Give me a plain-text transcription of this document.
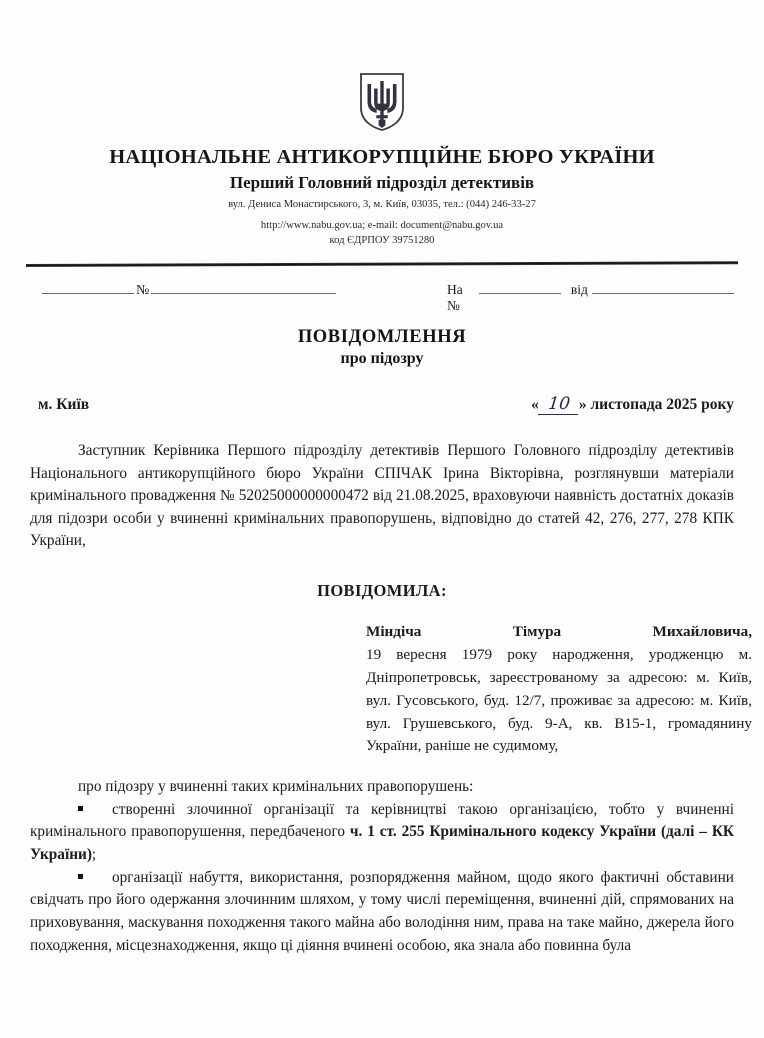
НАЦІОНАЛЬНЕ АНТИКОРУПЦІЙНЕ БЮРО УКРАЇНИ
Перший Головний підрозділ детективів
вул. Дениса Монастирського, 3, м. Київ, 03035, тел.: (044) 246-33-27
http://www.nabu.gov.ua; e-mail: document@nabu.gov.ua
код ЄДРПОУ 39751280
№	На №
від
ПОВІДОМЛЕННЯ
про підозру
м. Київ	« 10 » листопада 2025 року

Заступник Керівника Першого підрозділу детективів Першого Головного підрозділу детективів Національного антикорупційного бюро України СПІЧАК Ірина Вікторівна, розглянувши матеріали кримінального провадження № 52025000000000472 від 21.08.2025, враховуючи наявність достатніх доказів для підозри особи у вчиненні кримінальних правопорушень, відповідно до статей 42, 276, 277, 278 КПК України,

ПОВІДОМИЛА:
Міндіча Тімура Михайловича,
19 вересня 1979 року народження, уродженцю м. Дніпропетровськ, зареєстрованому за адресою: м. Київ, вул. Гусовського, буд. 12/7, проживає за адресою: м. Київ, вул. Грушевського, буд. 9-А, кв. В15-1, громадянину України, раніше не судимому,

про підозру у вчиненні таких кримінальних правопорушень:

створенні злочинної організації та керівництві такою організацією, тобто у вчиненні кримінального правопорушення, передбаченого ч. 1 ст. 255 Кримінального кодексу України (далі – КК України);

організації набуття, використання, розпорядження майном, щодо якого фактичні обставини свідчать про його одержання злочинним шляхом, у тому числі переміщення, вчиненні дій, спрямованих на приховування, маскування походження такого майна або володіння ним, права на таке майно, джерела його походження, місцезнаходження, якщо ці діяння вчинені особою, яка знала або повинна була
